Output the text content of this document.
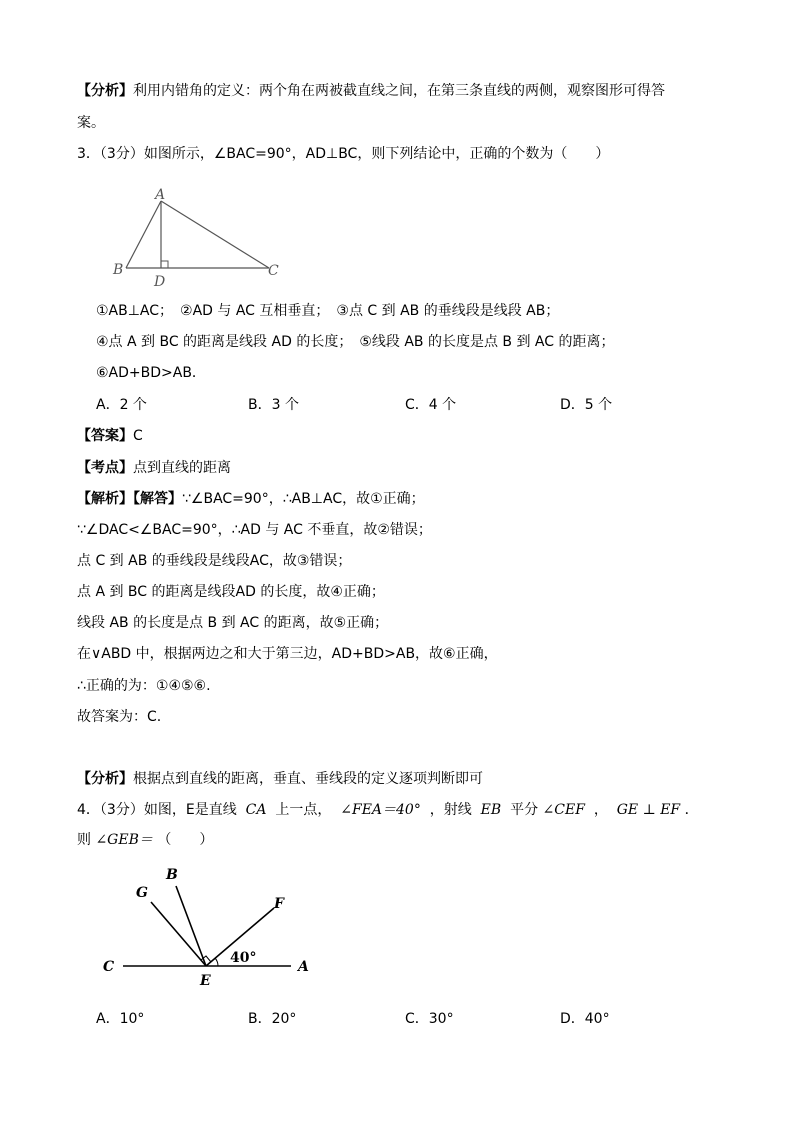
【分析】利用内错角的定义：两个角在两被截直线之间，在第三条直线的两侧，观察图形可得答
案。
3．（3分）如图所示，∠BAC=90°，AD⊥BC，则下列结论中，正确的个数为（　　）
A
B	C
D
①AB⊥AC；　②AD 与 AC 互相垂直；　③点 C 到 AB 的垂线段是线段 AB；
④点 A 到 BC 的距离是线段 AD 的长度；　⑤线段 AB 的长度是点 B 到 AC 的距离；
⑥AD+BD>AB．
A．2 个	B．3 个	C．4 个	D．5 个
【答案】C
【考点】点到直线的距离
【解析】【解答】∵∠BAC=90°，∴AB⊥AC，故①正确；
∵∠DAC<∠BAC=90°，∴AD 与 AC 不垂直，故②错误；
点 C 到 AB 的垂线段是线段AC，故③错误；
点 A 到 BC 的距离是线段AD 的长度，故④正确；
线段 AB 的长度是点 B 到 AC 的距离，故⑤正确；
在∨ABD 中，根据两边之和大于第三边，AD+BD>AB，故⑥正确，
∴正确的为：①④⑤⑥.
故答案为：C.
【分析】根据点到直线的距离，垂直、垂线段的定义逐项判断即可
4．（3分）如图，E是直线 CA 上一点， ∠FEA＝40° ，射线 EB 平分 ∠CEF ， GE ⊥ EF ．
则 ∠GEB＝ （　　）
G
B
F
C
E
A
40°
A．10°	B．20°	C．30°	D．40°
